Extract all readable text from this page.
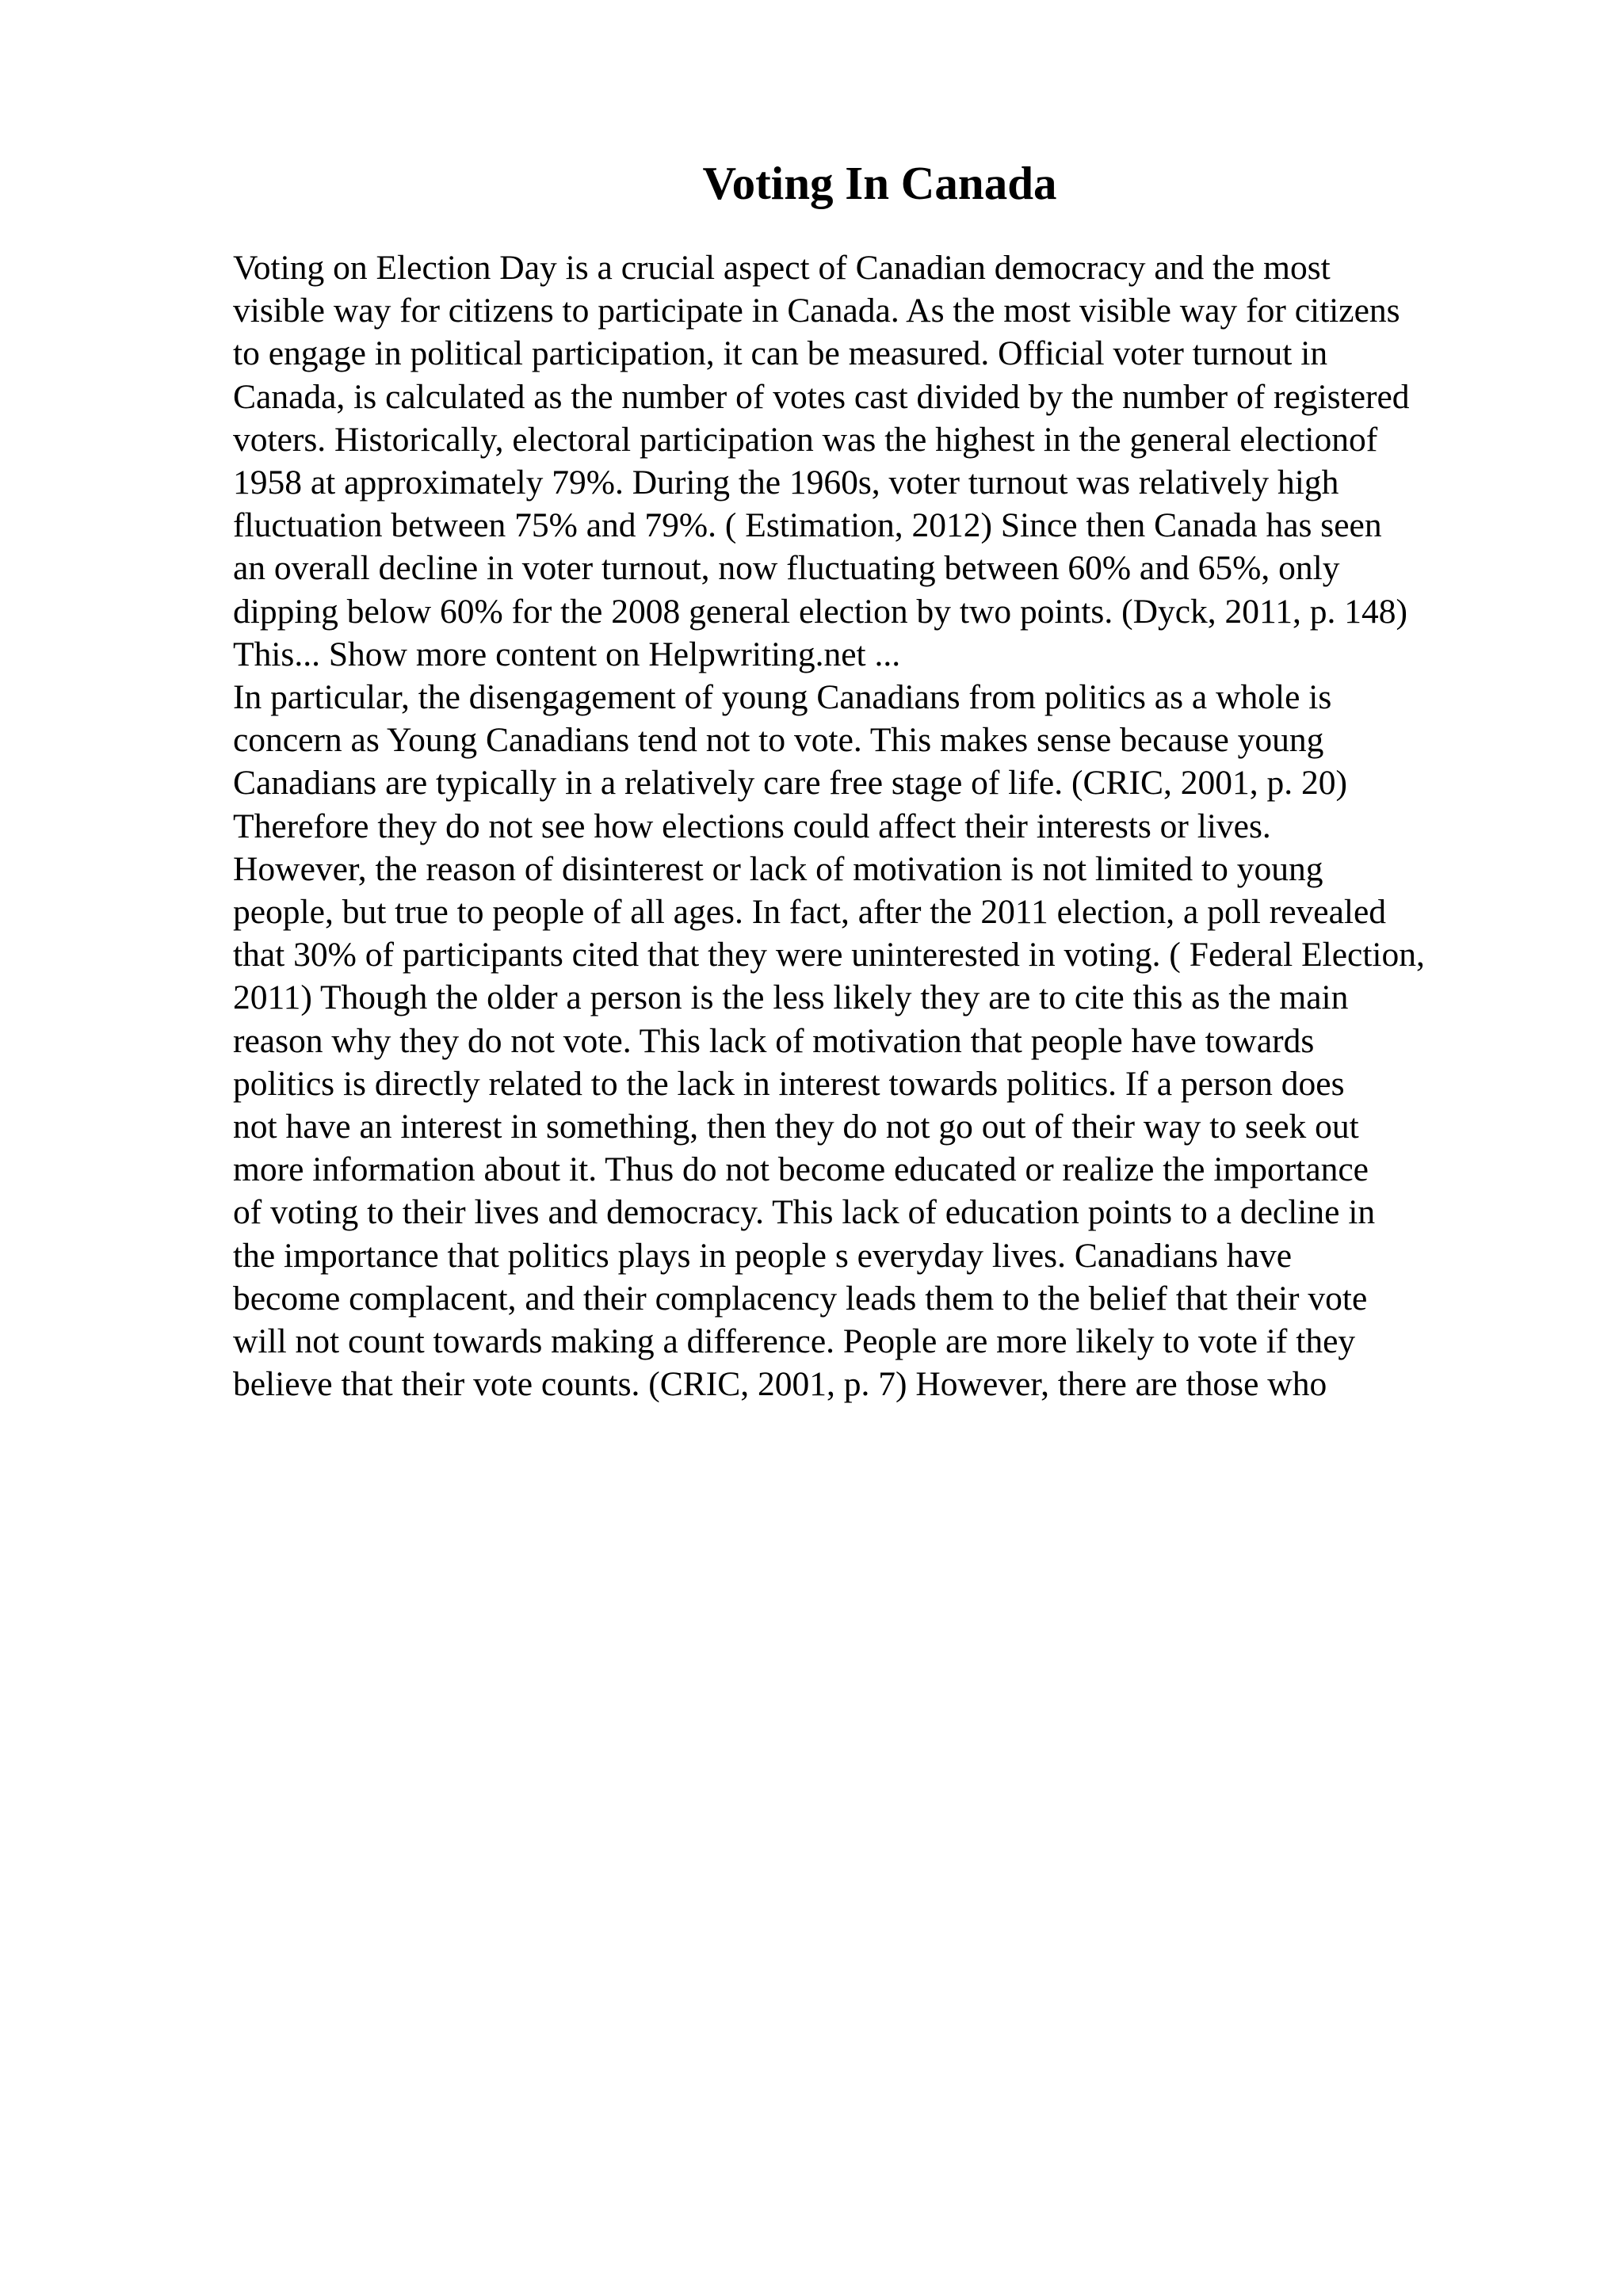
Voting In Canada
Voting on Election Day is a crucial aspect of Canadian democracy and the most
visible way for citizens to participate in Canada. As the most visible way for citizens
to engage in political participation, it can be measured. Official voter turnout in
Canada, is calculated as the number of votes cast divided by the number of registered
voters. Historically, electoral participation was the highest in the general electionof
1958 at approximately 79%. During the 1960s, voter turnout was relatively high
fluctuation between 75% and 79%. ( Estimation, 2012) Since then Canada has seen
an overall decline in voter turnout, now fluctuating between 60% and 65%, only
dipping below 60% for the 2008 general election by two points. (Dyck, 2011, p. 148)
This... Show more content on Helpwriting.net ...
In particular, the disengagement of young Canadians from politics as a whole is
concern as Young Canadians tend not to vote. This makes sense because young
Canadians are typically in a relatively care free stage of life. (CRIC, 2001, p. 20)
Therefore they do not see how elections could affect their interests or lives.
However, the reason of disinterest or lack of motivation is not limited to young
people, but true to people of all ages. In fact, after the 2011 election, a poll revealed
that 30% of participants cited that they were uninterested in voting. ( Federal Election,
2011) Though the older a person is the less likely they are to cite this as the main
reason why they do not vote. This lack of motivation that people have towards
politics is directly related to the lack in interest towards politics. If a person does
not have an interest in something, then they do not go out of their way to seek out
more information about it. Thus do not become educated or realize the importance
of voting to their lives and democracy. This lack of education points to a decline in
the importance that politics plays in people s everyday lives. Canadians have
become complacent, and their complacency leads them to the belief that their vote
will not count towards making a difference. People are more likely to vote if they
believe that their vote counts. (CRIC, 2001, p. 7) However, there are those who
